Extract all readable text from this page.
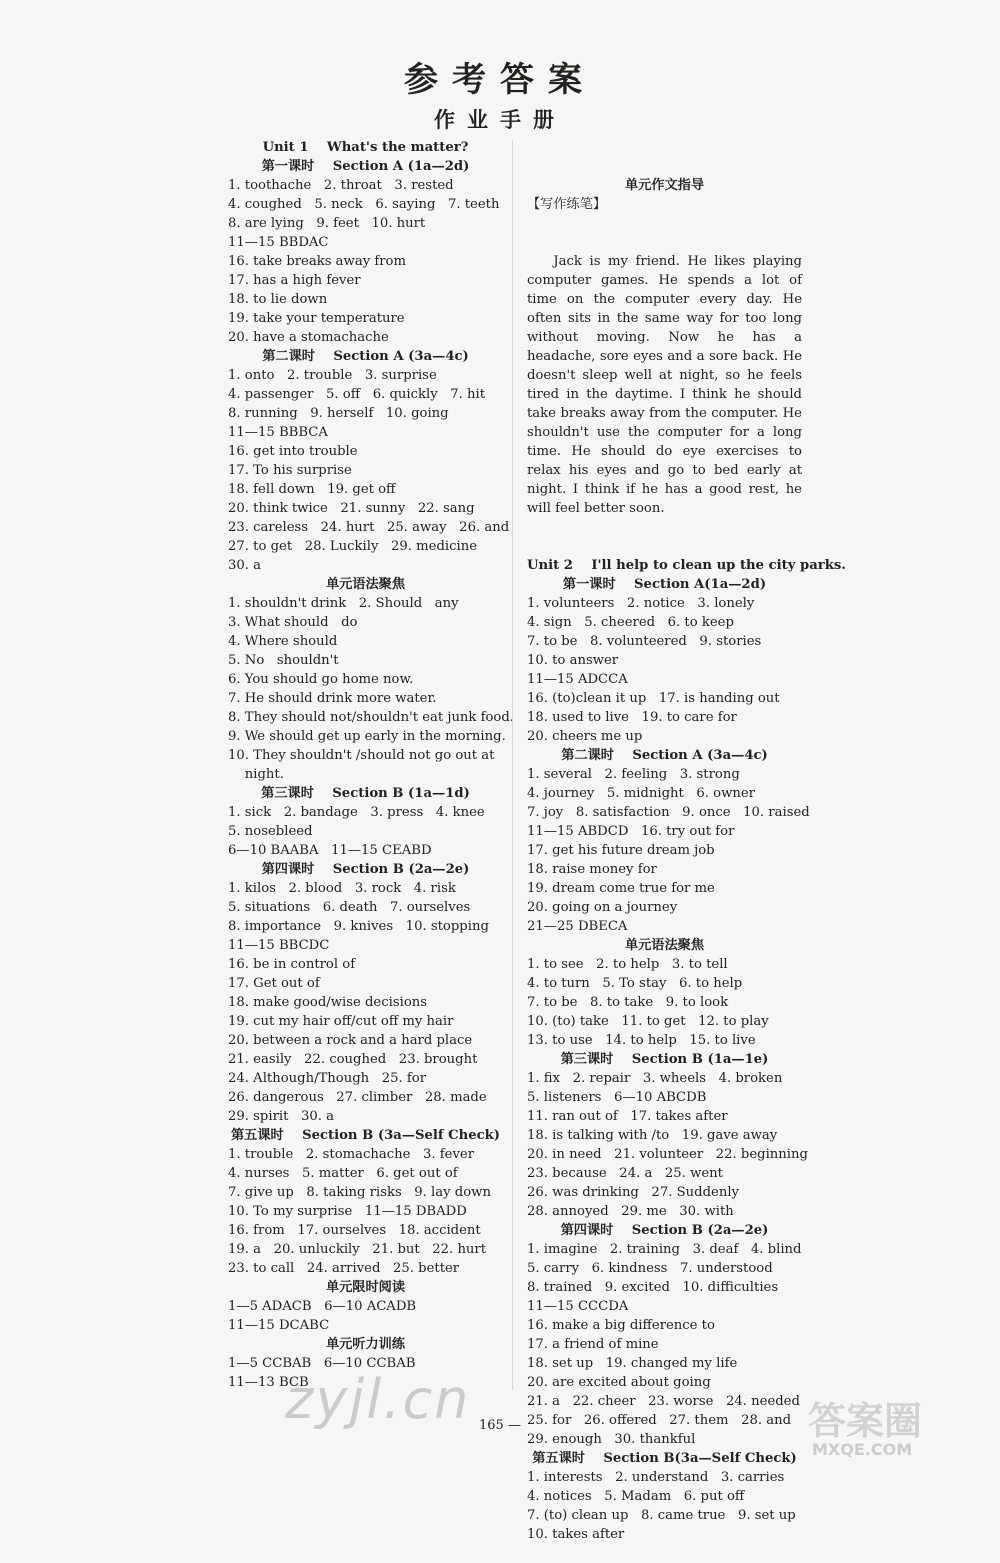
参考答案
作业手册
Unit 1    What's the matter?
第一课时    Section A (1a—2d)
1. toothache   2. throat   3. rested
4. coughed   5. neck   6. saying   7. teeth
8. are lying   9. feet   10. hurt
11—15 BBDAC
16. take breaks away from
17. has a high fever
18. to lie down
19. take your temperature
20. have a stomachache
第二课时    Section A (3a—4c)
1. onto   2. trouble   3. surprise
4. passenger   5. off   6. quickly   7. hit
8. running   9. herself   10. going
11—15 BBBCA
16. get into trouble
17. To his surprise
18. fell down   19. get off
20. think twice   21. sunny   22. sang
23. careless   24. hurt   25. away   26. and
27. to get   28. Luckily   29. medicine
30. a
单元语法聚焦
1. shouldn't drink   2. Should   any
3. What should   do
4. Where should
5. No   shouldn't
6. You should go home now.
7. He should drink more water.
8. They should not/shouldn't eat junk food.
9. We should get up early in the morning.
10. They shouldn't /should not go out at
night.
第三课时    Section B (1a—1d)
1. sick   2. bandage   3. press   4. knee
5. nosebleed
6—10 BAABA   11—15 CEABD
第四课时    Section B (2a—2e)
1. kilos   2. blood   3. rock   4. risk
5. situations   6. death   7. ourselves
8. importance   9. knives   10. stopping
11—15 BBCDC
16. be in control of
17. Get out of
18. make good/wise decisions
19. cut my hair off/cut off my hair
20. between a rock and a hard place
21. easily   22. coughed   23. brought
24. Although/Though   25. for
26. dangerous   27. climber   28. made
29. spirit   30. a
第五课时    Section B (3a—Self Check)
1. trouble   2. stomachache   3. fever
4. nurses   5. matter   6. get out of
7. give up   8. taking risks   9. lay down
10. To my surprise   11—15 DBADD
16. from   17. ourselves   18. accident
19. a   20. unluckily   21. but   22. hurt
23. to call   24. arrived   25. better
单元限时阅读
1—5 ADACB   6—10 ACADB
11—15 DCABC
单元听力训练
1—5 CCBAB   6—10 CCBAB
11—13 BCB

单元作文指导
【写作练笔】

Jack is my friend. He likes playing computer games. He spends a lot of time on the computer every day. He often sits in the same way for too long without moving. Now he has a headache, sore eyes and a sore back. He doesn't sleep well at night, so he feels tired in the daytime. I think he should take breaks away from the computer. He shouldn't use the computer for a long time. He should do eye exercises to relax his eyes and go to bed early at night. I think if he has a good rest, he will feel better soon.

Unit 2    I'll help to clean up the city parks.
第一课时    Section A(1a—2d)
1. volunteers   2. notice   3. lonely
4. sign   5. cheered   6. to keep
7. to be   8. volunteered   9. stories
10. to answer
11—15 ADCCA
16. (to)clean it up   17. is handing out
18. used to live   19. to care for
20. cheers me up
第二课时    Section A (3a—4c)
1. several   2. feeling   3. strong
4. journey   5. midnight   6. owner
7. joy   8. satisfaction   9. once   10. raised
11—15 ABDCD   16. try out for
17. get his future dream job
18. raise money for
19. dream come true for me
20. going on a journey
21—25 DBECA
单元语法聚焦
1. to see   2. to help   3. to tell
4. to turn   5. To stay   6. to help
7. to be   8. to take   9. to look
10. (to) take   11. to get   12. to play
13. to use   14. to help   15. to live
第三课时    Section B (1a—1e)
1. fix   2. repair   3. wheels   4. broken
5. listeners   6—10 ABCDB
11. ran out of   17. takes after
18. is talking with /to   19. gave away
20. in need   21. volunteer   22. beginning
23. because   24. a   25. went
26. was drinking   27. Suddenly
28. annoyed   29. me   30. with
第四课时    Section B (2a—2e)
1. imagine   2. training   3. deaf   4. blind
5. carry   6. kindness   7. understood
8. trained   9. excited   10. difficulties
11—15 CCCDA
16. make a big difference to
17. a friend of mine
18. set up   19. changed my life
20. are excited about going
21. a   22. cheer   23. worse   24. needed
25. for   26. offered   27. them   28. and
29. enough   30. thankful
第五课时    Section B(3a—Self Check)
1. interests   2. understand   3. carries
4. notices   5. Madam   6. put off
7. (to) clean up   8. came true   9. set up
10. takes after

165 —
zyjl.cn	答案圈
MXQE.COM
